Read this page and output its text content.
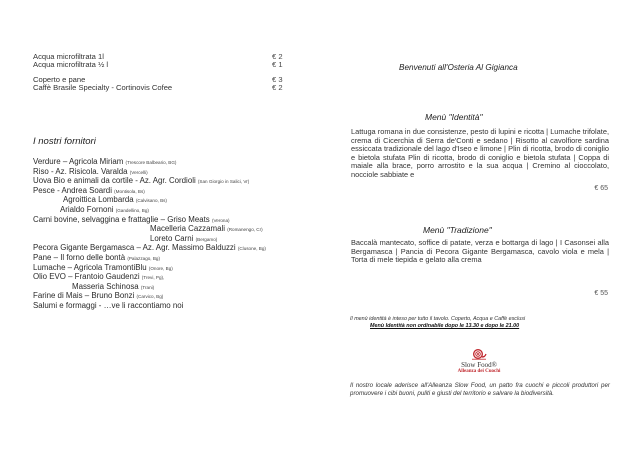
Acqua microfiltrata 1l	€ 2
Acqua microfiltrata ½ l	€ 1
Coperto e pane	€ 3
Caffè Brasile Specialty - Cortinovis Cofee	€ 2
I nostri fornitori
Verdure – Agricola Miriam (Trescore Balbeario, BG)
Riso - Az. Risicola. Varalda (Vercelli)
Uova Bio e animali da cortile - Az. Agr. Cordioli (San Giorgio in Salici, Vr)
Pesce - Andrea Soardi (Montisola, Bs)
Agroittica Lombarda (Calvisano, Bs)
Arialdo Fornoni (Gandellino, Bg)
Carni bovine, selvaggina e frattaglie – Griso Meats (Verona)
Macelleria Cazzamali (Romanengo, Cr)
Loreto Carni (Bergamo)
Pecora Gigante Bergamasca – Az. Agr. Massimo Balduzzi (Clusone, Bg)
Pane – Il forno delle bontà (Palazzago, Bg)
Lumache – Agricola TramontiBlu (Onore, Bg)
Olio EVO – Frantoio Gaudenzi (Trevi, Pg),
Masseria Schinosa (Trani)
Farine di Mais – Bruno Bonzi (Carvico, Bg)
Salumi e formaggi - …ve li raccontiamo noi
Benvenuti all'Osteria Al Gigianca
Menù "Identità"
Lattuga romana in due consistenze, pesto di lupini e ricotta | Lumache trifolate, crema di Cicerchia di Serra de'Conti e sedano | Risotto al cavolfiore sardina essiccata tradizionale del lago d'Iseo e limone | Plin di ricotta, brodo di coniglio e bietola stufata Plin di ricotta, brodo di coniglio e bietola stufata | Coppa di maiale alla brace, porro arrostito e la sua acqua | Cremino al cioccolato, nocciole sabbiate e
€ 65
Menù "Tradizione"
Baccalà mantecato, soffice di patate, verza e bottarga di lago | I Casonsei alla Bergamasca | Pancia di Pecora Gigante Bergamasca, cavolo viola e mela | Torta di mele tiepida e gelato alla crema
€ 55
Il menù identità è inteso per tutto il tavolo. Coperto, Acqua e Caffè esclusi
Menù Identità non ordinabile dopo le 13.30 e dopo le 21.00
Slow Food®
Alleanza dei Cuochi
Il nostro locale aderisce all'Alleanza Slow Food, un patto fra cuochi e piccoli produttori per promuovere i cibi buoni, puliti e giusti del territorio e salvare la biodiversità.
